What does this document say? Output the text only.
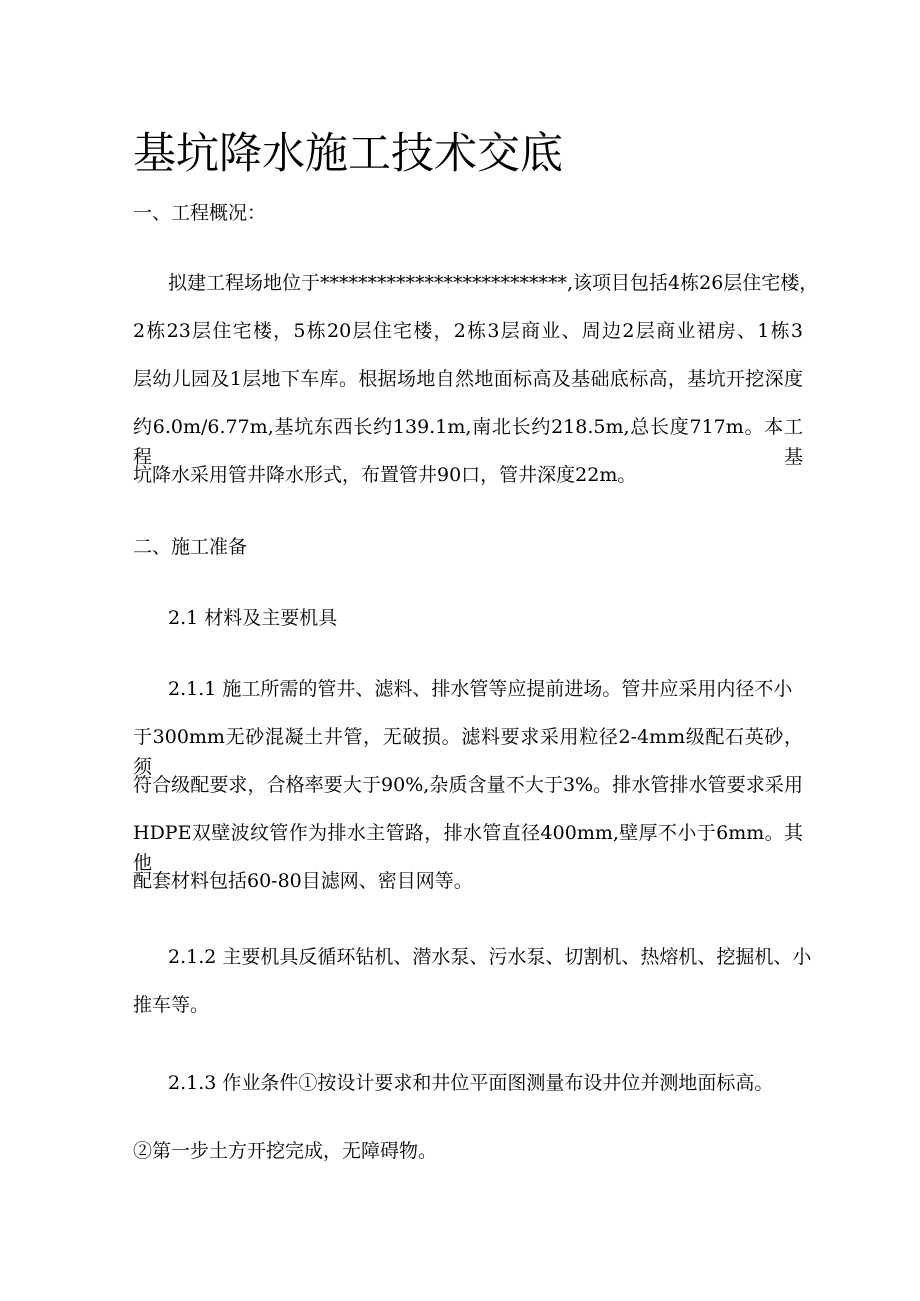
基坑降水施工技术交底

一、工程概况：

拟建工程场地位于**************************,该项目包括4栋26层住宅楼，

2栋23层住宅楼，5栋20层住宅楼，2栋3层商业、周边2层商业裙房、1栋3

层幼儿园及1层地下车库。根据场地自然地面标高及基础底标高，基坑开挖深度

约6.0m/6.77m,基坑东西长约139.1m,南北长约218.5m,总长度717m。本工程基

坑降水采用管井降水形式，布置管井90口，管井深度22m。

二、施工准备

2.1 材料及主要机具

2.1.1 施工所需的管井、滤料、排水管等应提前进场。管井应采用内径不小

于300mm无砂混凝土井管，无破损。滤料要求采用粒径2-4mm级配石英砂，须

符合级配要求，合格率要大于90%,杂质含量不大于3%。排水管排水管要求采用

HDPE双壁波纹管作为排水主管路，排水管直径400mm,壁厚不小于6mm。其他

配套材料包括60-80目滤网、密目网等。

2.1.2 主要机具反循环钻机、潜水泵、污水泵、切割机、热熔机、挖掘机、小

推车等。

2.1.3 作业条件①按设计要求和井位平面图测量布设井位并测地面标高。

②第一步土方开挖完成，无障碍物。
